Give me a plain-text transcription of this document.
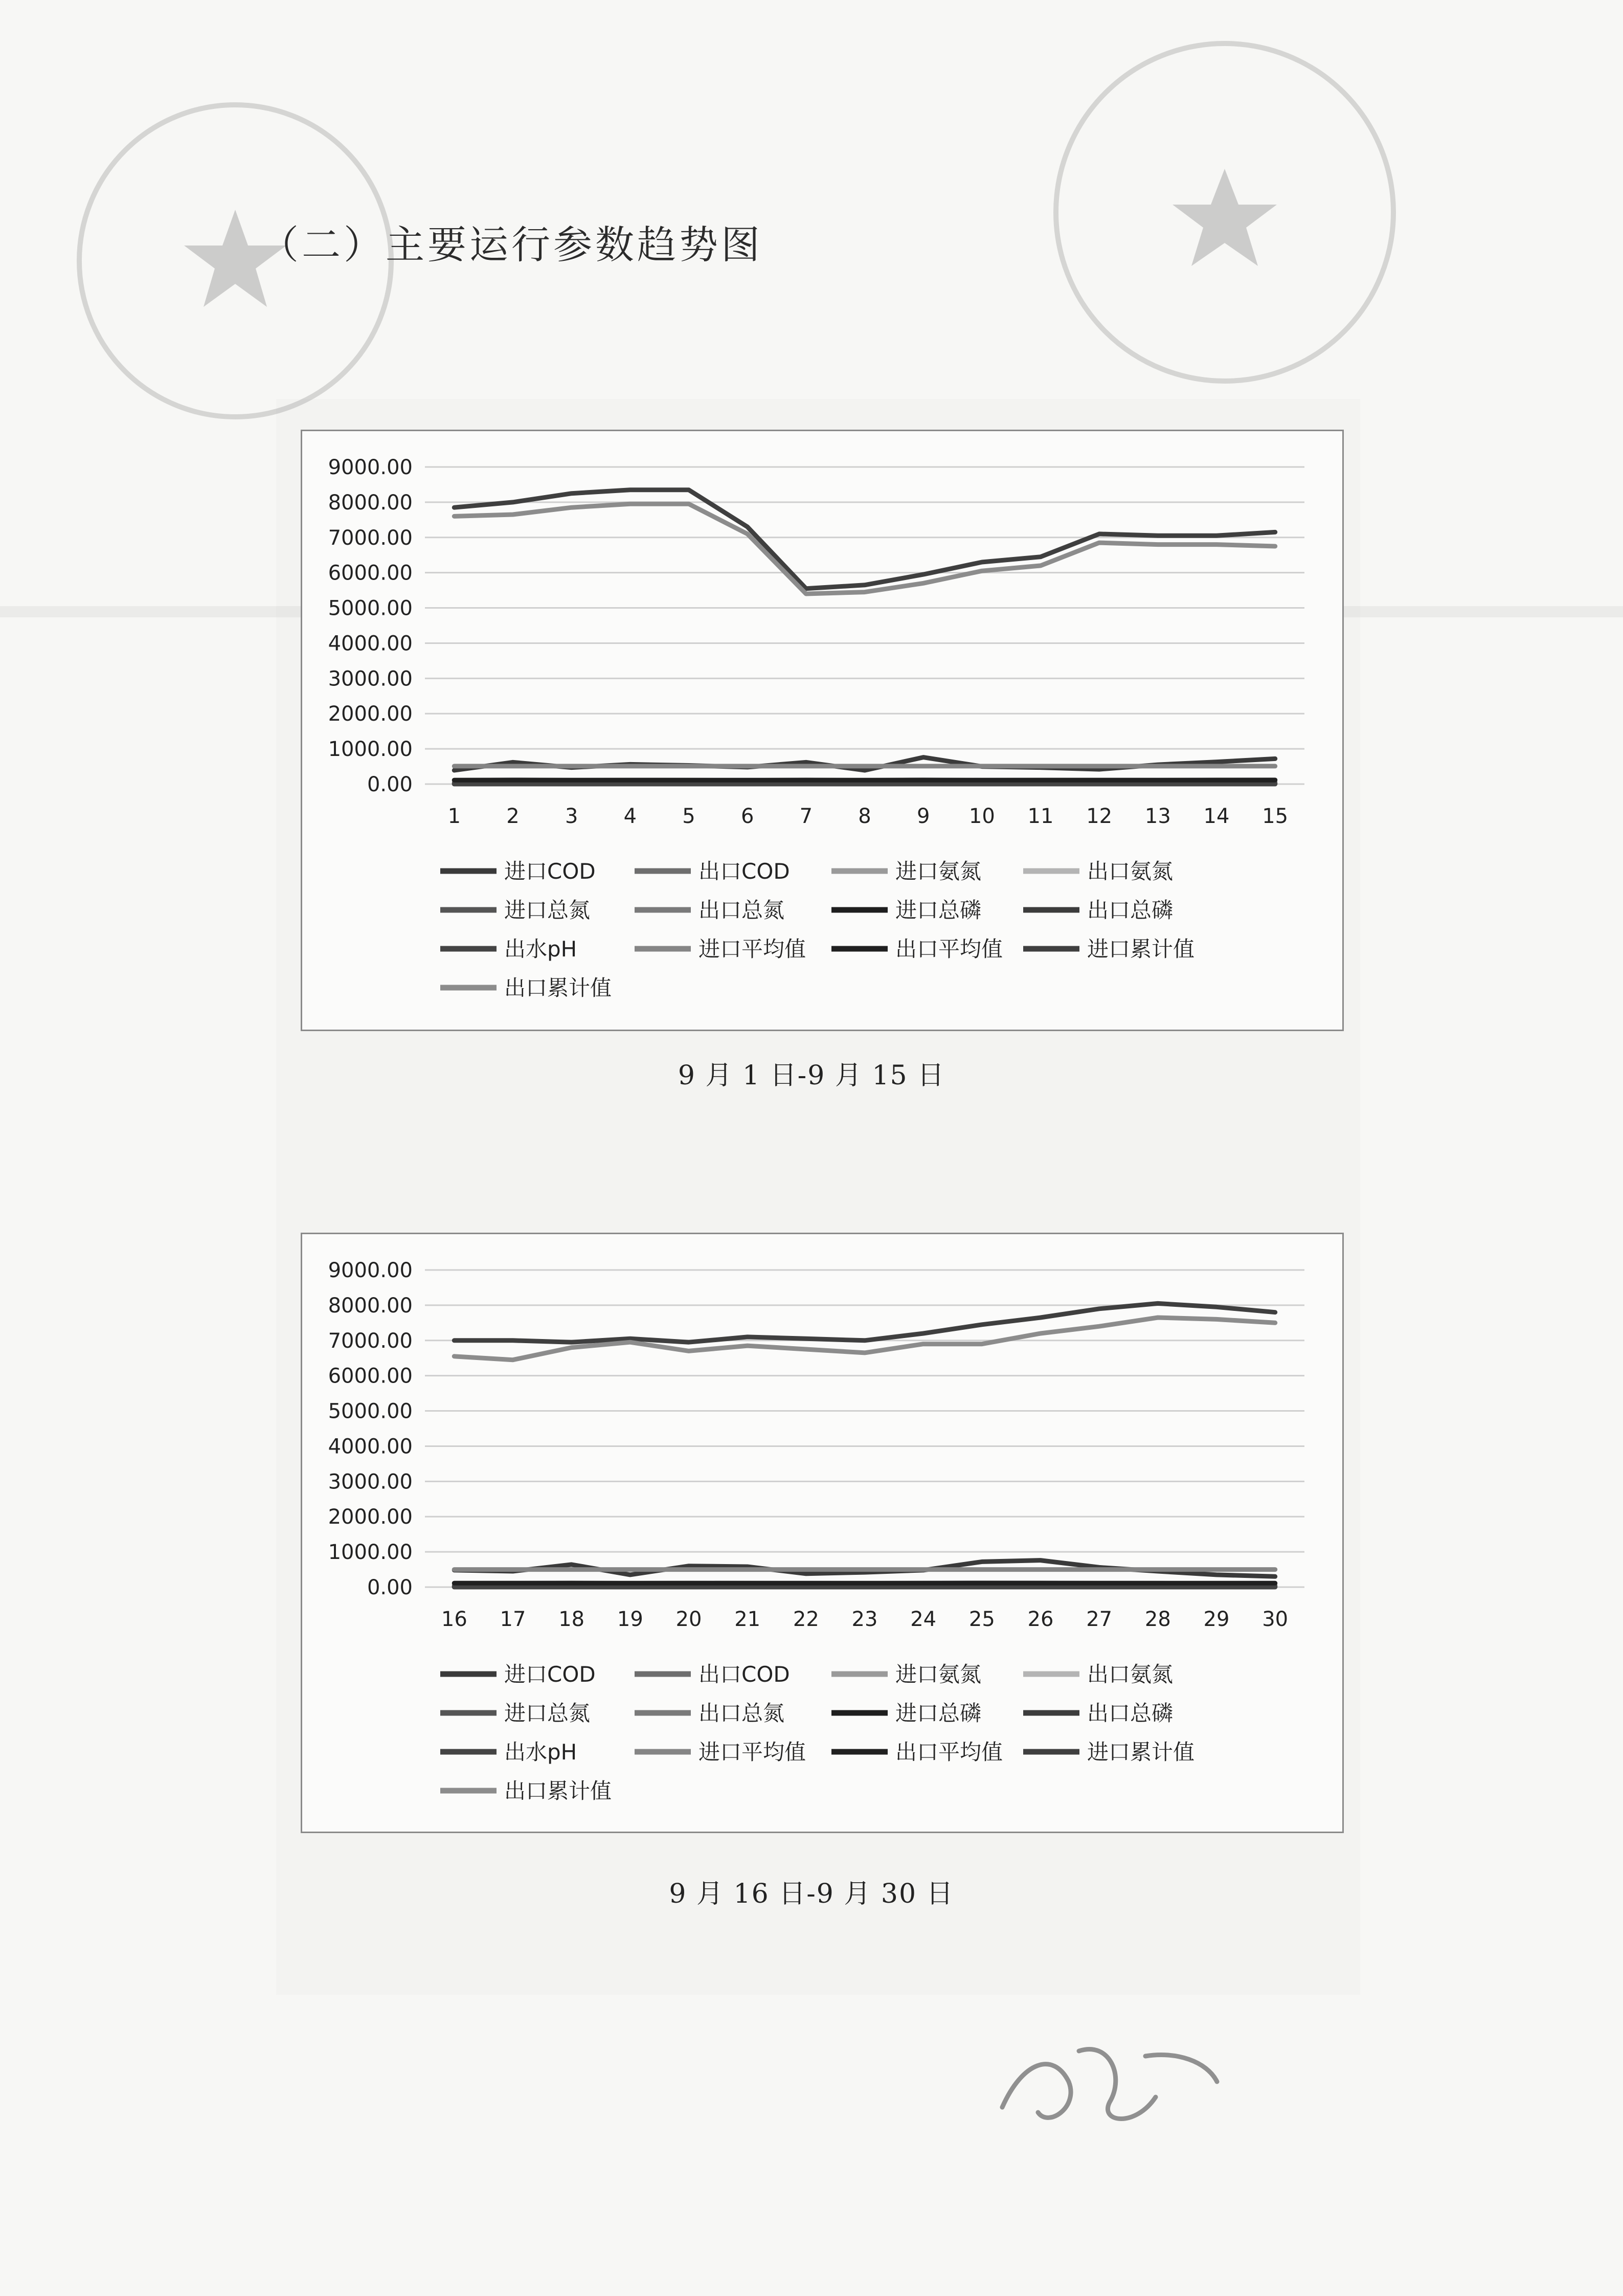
（二）主要运行参数趋势图
9000.00
8000.00
7000.00
6000.00
5000.00
4000.00
3000.00
2000.00
1000.00
0.00
1 2 3 4 5 6 7 8 9 10 11 12 13 14 15
进口COD	出口COD	进口氨氮	出口氨氮
进口总氮	出口总氮	进口总磷	出口总磷
出水pH	进口平均值	出口平均值	进口累计值
出口累计值
9 月 1 日-9 月 15 日
9000.00
8000.00
7000.00
6000.00
5000.00
4000.00
3000.00
2000.00
1000.00
0.00
16 17 18 19 20 21 22 23 24 25 26 27 28 29 30
进口COD	出口COD	进口氨氮	出口氨氮
进口总氮	出口总氮	进口总磷	出口总磷
出水pH	进口平均值	出口平均值	进口累计值
出口累计值
9 月 16 日-9 月 30 日
